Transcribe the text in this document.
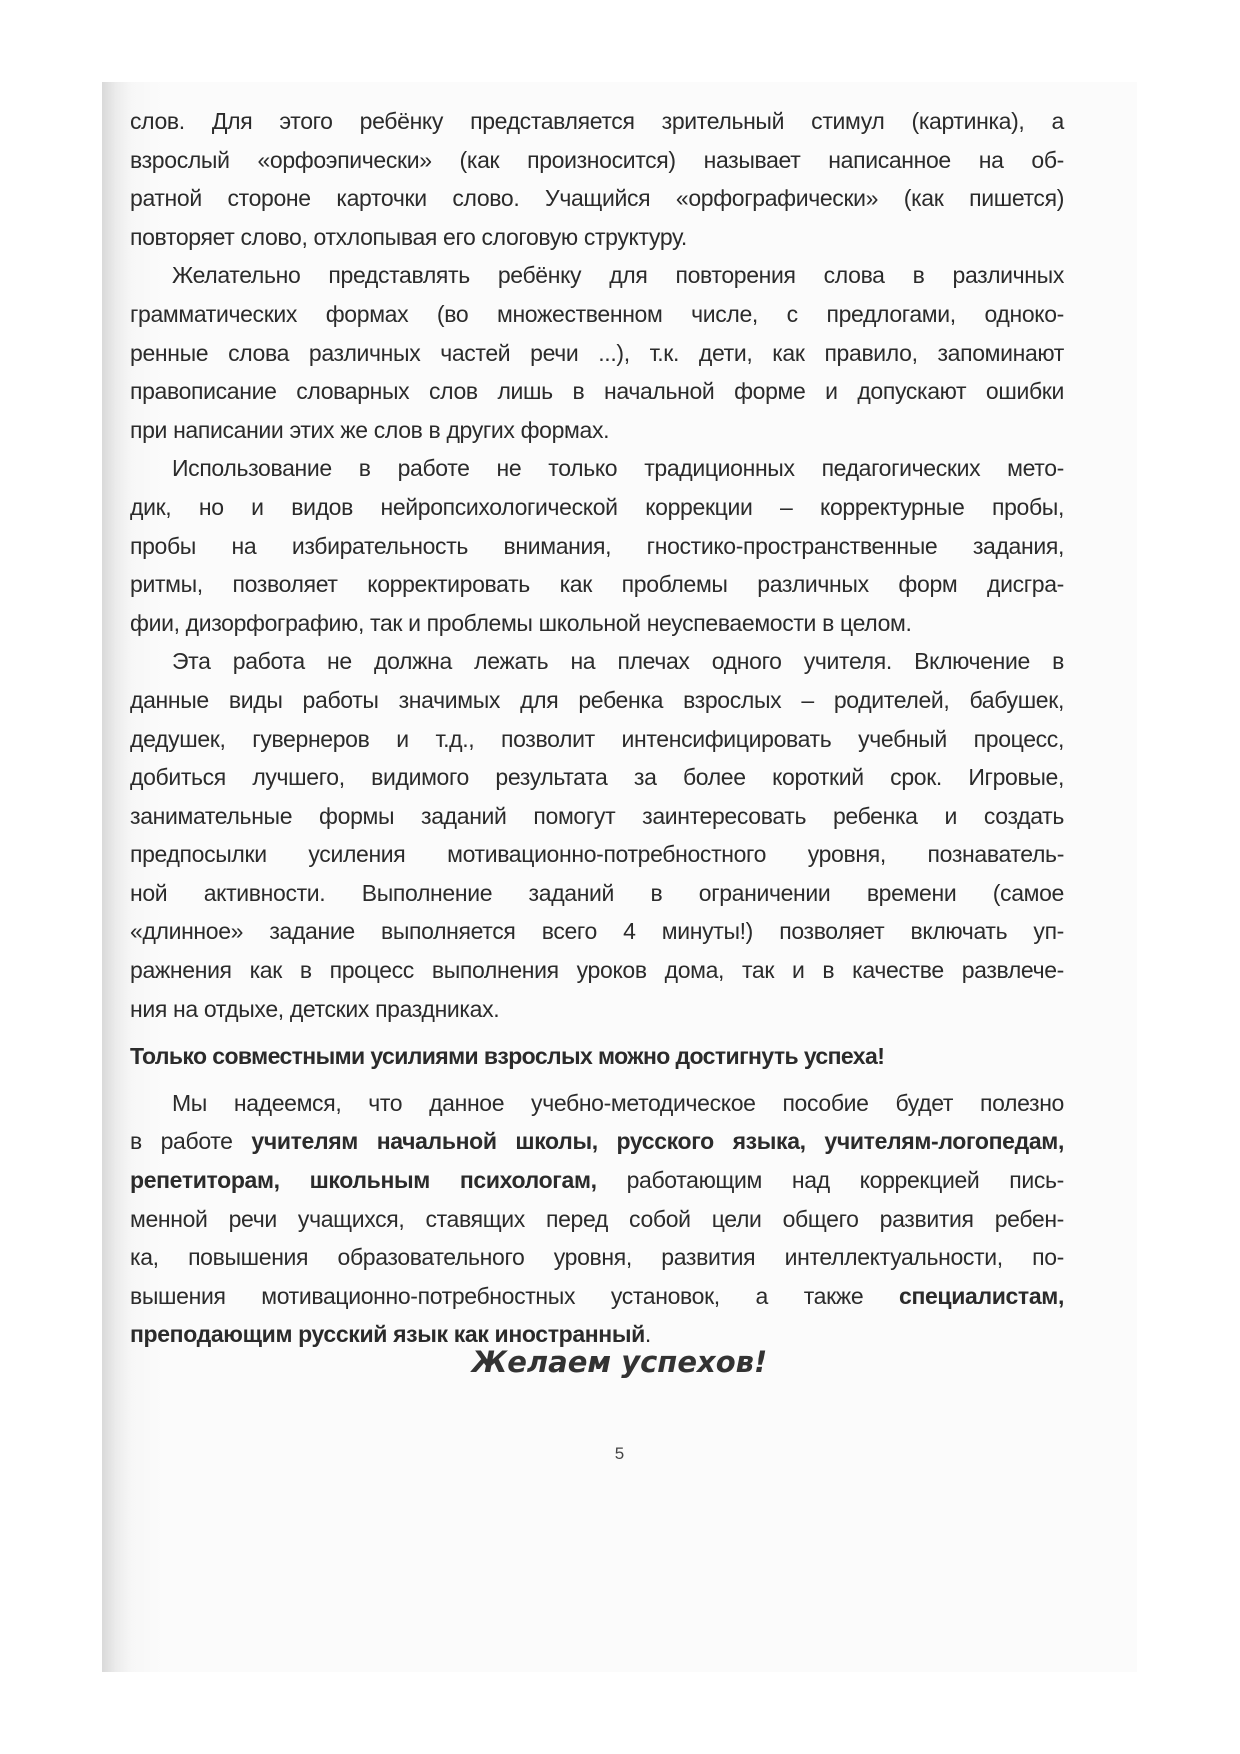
слов. Для этого ребёнку представляется зрительный стимул (картинка), а
взрослый «орфоэпически» (как произносится) называет написанное на об-
ратной стороне карточки слово. Учащийся «орфографически» (как пишется)
повторяет слово, отхлопывая его слоговую структуру.

Желательно представлять ребёнку для повторения слова в различных
грамматических формах (во множественном числе, с предлогами, одноко-
ренные слова различных частей речи ...), т.к. дети, как правило, запоминают
правописание словарных слов лишь в начальной форме и допускают ошибки
при написании этих же слов в других формах.

Использование в работе не только традиционных педагогических мето-
дик, но и видов нейропсихологической коррекции – корректурные пробы,
пробы на избирательность внимания, гностико-пространственные задания,
ритмы, позволяет корректировать как проблемы различных форм дисгра-
фии, дизорфографию, так и проблемы школьной неуспеваемости в целом.

Эта работа не должна лежать на плечах одного учителя. Включение в
данные виды работы значимых для ребенка взрослых – родителей, бабушек,
дедушек, гувернеров и т.д., позволит интенсифицировать учебный процесс,
добиться лучшего, видимого результата за более короткий срок. Игровые,
занимательные формы заданий помогут заинтересовать ребенка и создать
предпосылки усиления мотивационно-потребностного уровня, познаватель-
ной активности. Выполнение заданий в ограничении времени (самое
«длинное» задание выполняется всего 4 минуты!) позволяет включать уп-
ражнения как в процесс выполнения уроков дома, так и в качестве развлече-
ния на отдыхе, детских праздниках.

Только совместными усилиями взрослых можно достигнуть успеха!

Мы надеемся, что данное учебно-методическое пособие будет полезно
в работе учителям начальной школы, русского языка, учителям-логопедам,
репетиторам, школьным психологам, работающим над коррекцией пись-
менной речи учащихся, ставящих перед собой цели общего развития ребен-
ка, повышения образовательного уровня, развития интеллектуальности, по-
вышения мотивационно-потребностных установок, а также специалистам,
преподающим русский язык как иностранный.

Желаем успехов!
5
